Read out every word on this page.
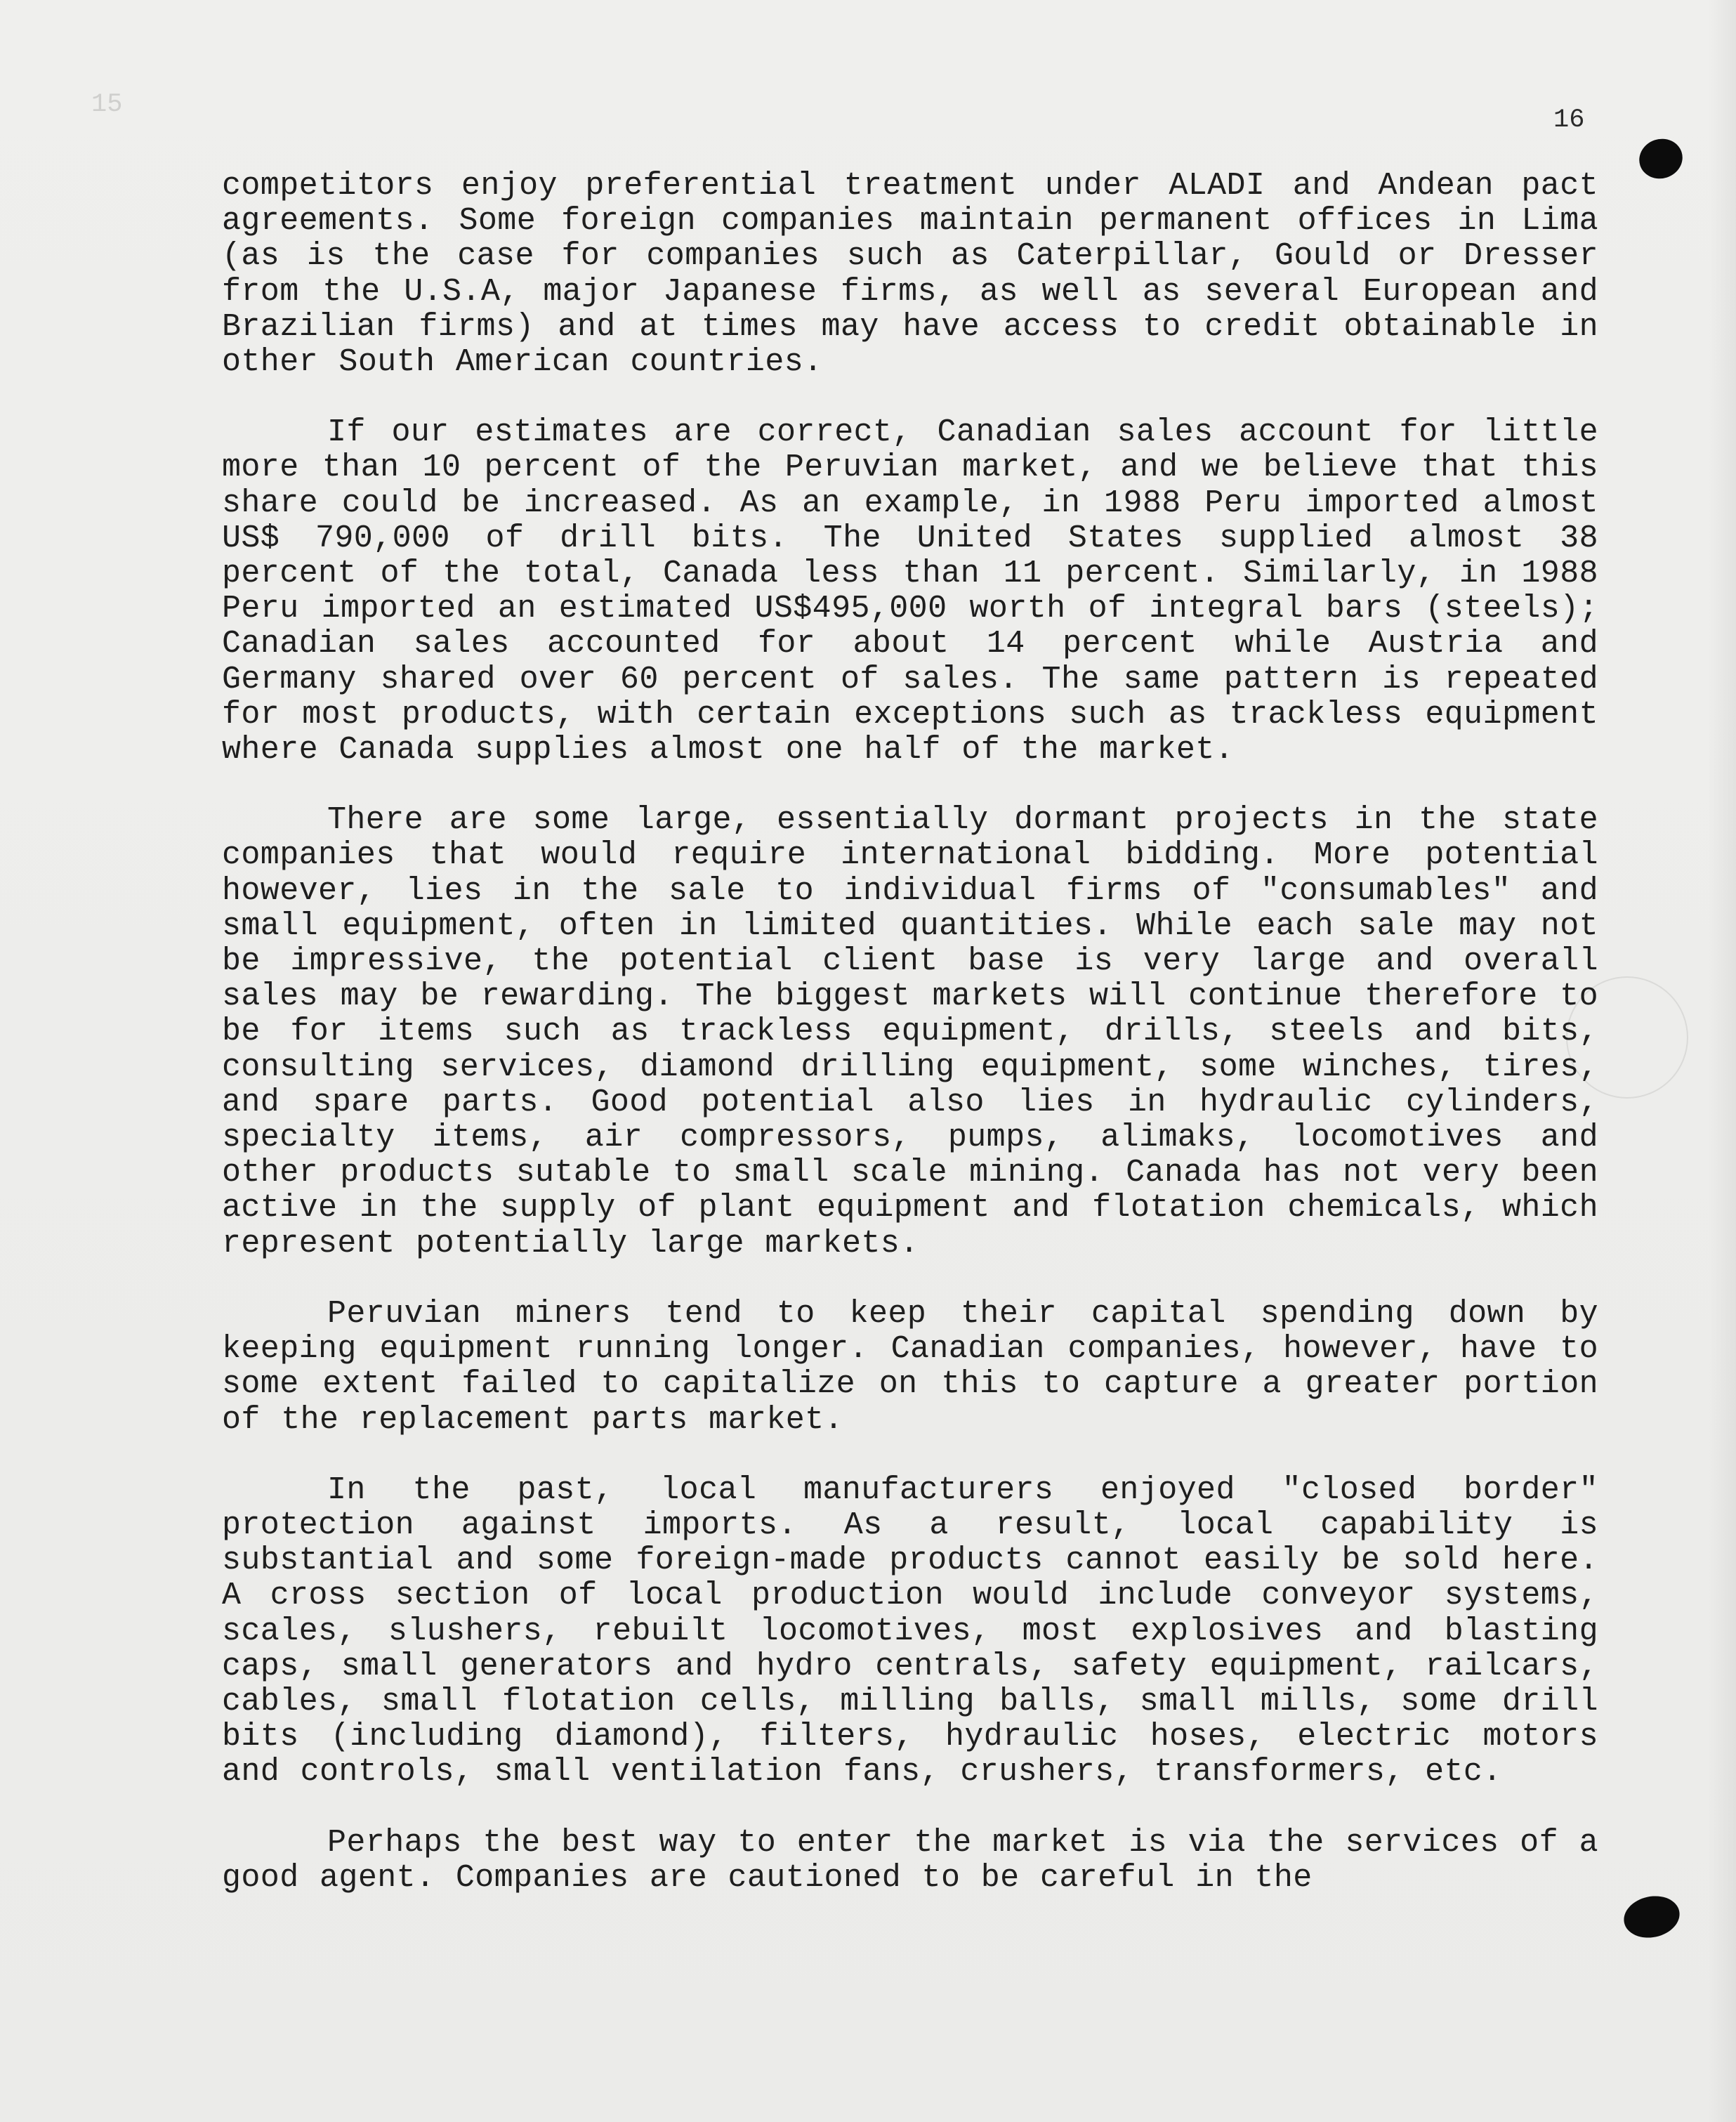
15
16

competitors enjoy preferential treatment under ALADI and Andean pact agreements. Some foreign companies maintain permanent offices in Lima (as is the case for companies such as Caterpillar, Gould or Dresser from the U.S.A, major Japanese firms, as well as several European and Brazilian firms) and at times may have access to credit obtainable in other South American countries.

If our estimates are correct, Canadian sales account for little more than 10 percent of the Peruvian market, and we believe that this share could be increased. As an example, in 1988 Peru imported almost US$ 790,000 of drill bits. The United States supplied almost 38 percent of the total, Canada less than 11 percent. Similarly, in 1988 Peru imported an estimated US$495,000 worth of integral bars (steels); Canadian sales accounted for about 14 percent while Austria and Germany shared over 60 percent of sales. The same pattern is repeated for most products, with certain exceptions such as trackless equipment where Canada supplies almost one half of the market.

There are some large, essentially dormant projects in the state companies that would require international bidding. More potential however, lies in the sale to individual firms of "consumables" and small equipment, often in limited quantities. While each sale may not be impressive, the potential client base is very large and overall sales may be rewarding. The biggest markets will continue therefore to be for items such as trackless equipment, drills, steels and bits, consulting services, diamond drilling equipment, some winches, tires, and spare parts. Good potential also lies in hydraulic cylinders, specialty items, air compressors, pumps, alimaks, locomotives and other products sutable to small scale mining. Canada has not very been active in the supply of plant equipment and flotation chemicals, which represent potentially large markets.

Peruvian miners tend to keep their capital spending down by keeping equipment running longer. Canadian companies, however, have to some extent failed to capitalize on this to capture a greater portion of the replacement parts market.

In the past, local manufacturers enjoyed "closed border" protection against imports. As a result, local capability is substantial and some foreign-made products cannot easily be sold here. A cross section of local production would include conveyor systems, scales, slushers, rebuilt locomotives, most explosives and blasting caps, small generators and hydro centrals, safety equipment, railcars, cables, small flotation cells, milling balls, small mills, some drill bits (including diamond), filters, hydraulic hoses, electric motors and controls, small ventilation fans, crushers, transformers, etc.

Perhaps the best way to enter the market is via the services of a good agent. Companies are cautioned to be careful in the
